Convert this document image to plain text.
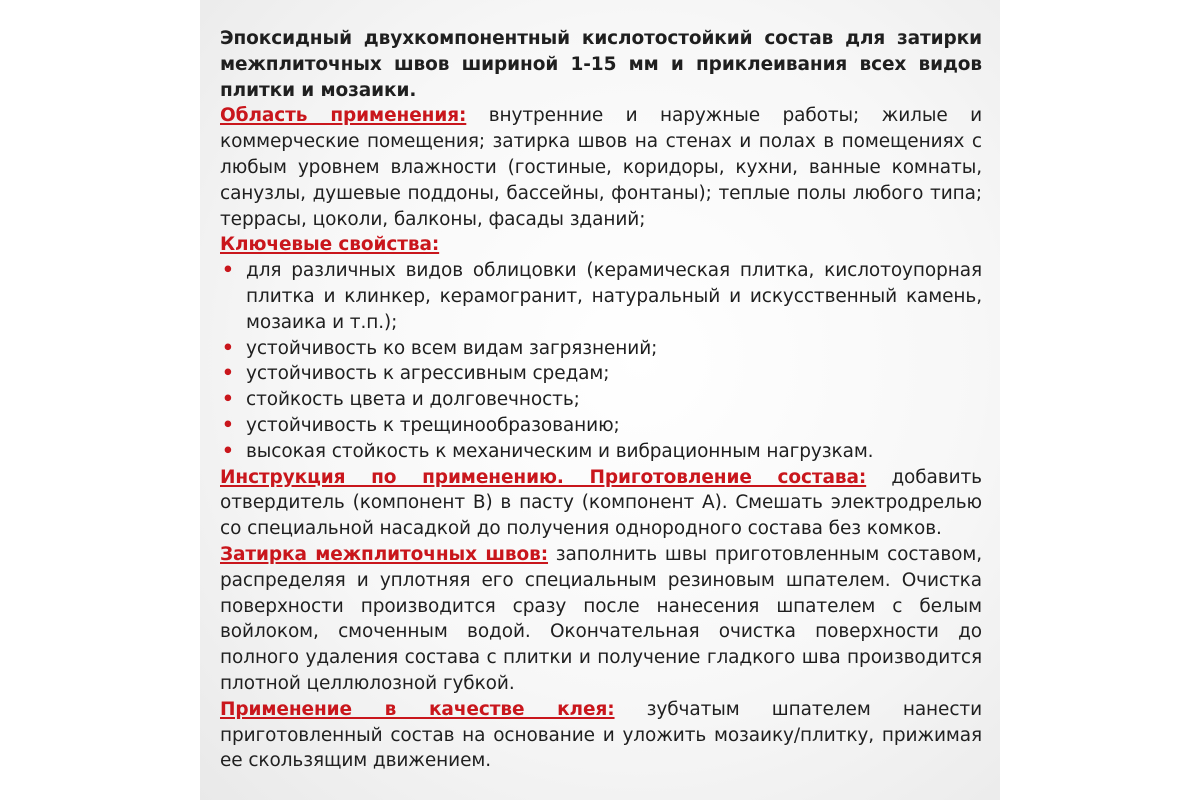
Эпоксидный двухкомпонентный кислотостойкий состав для затирки межплиточных швов шириной 1-15 мм и приклеивания всех видов плитки и мозаики.

Область применения: внутренние и наружные работы; жилые и коммерческие помещения; затирка швов на стенах и полах в помещениях с любым уровнем влажности (гостиные, коридоры, кухни, ванные комнаты, санузлы, душевые поддоны, бассейны, фонтаны); теплые полы любого типа; террасы, цоколи, балконы, фасады зданий;

Ключевые свойства:

• для различных видов облицовки (керамическая плитка, кислотоупорная плитка и клинкер, керамогранит, натуральный и искусственный камень, мозаика и т.п.);
• устойчивость ко всем видам загрязнений;
• устойчивость к агрессивным средам;
• стойкость цвета и долговечность;
• устойчивость к трещинообразованию;
• высокая стойкость к механическим и вибрационным нагрузкам.

Инструкция по применению. Приготовление состава: добавить отвердитель (компонент В) в пасту (компонент А). Смешать электродрелью со специальной насадкой до получения однородного состава без комков.

Затирка межплиточных швов: заполнить швы приготовленным составом, распределяя и уплотняя его специальным резиновым шпателем. Очистка поверхности производится сразу после нанесения шпателем с белым войлоком, смоченным водой. Окончательная очистка поверхности до полного удаления состава с плитки и получение гладкого шва производится плотной целлюлозной губкой.

Применение в качестве клея: зубчатым шпателем нанести приготовленный состав на основание и уложить мозаику/плитку, прижимая ее скользящим движением.
